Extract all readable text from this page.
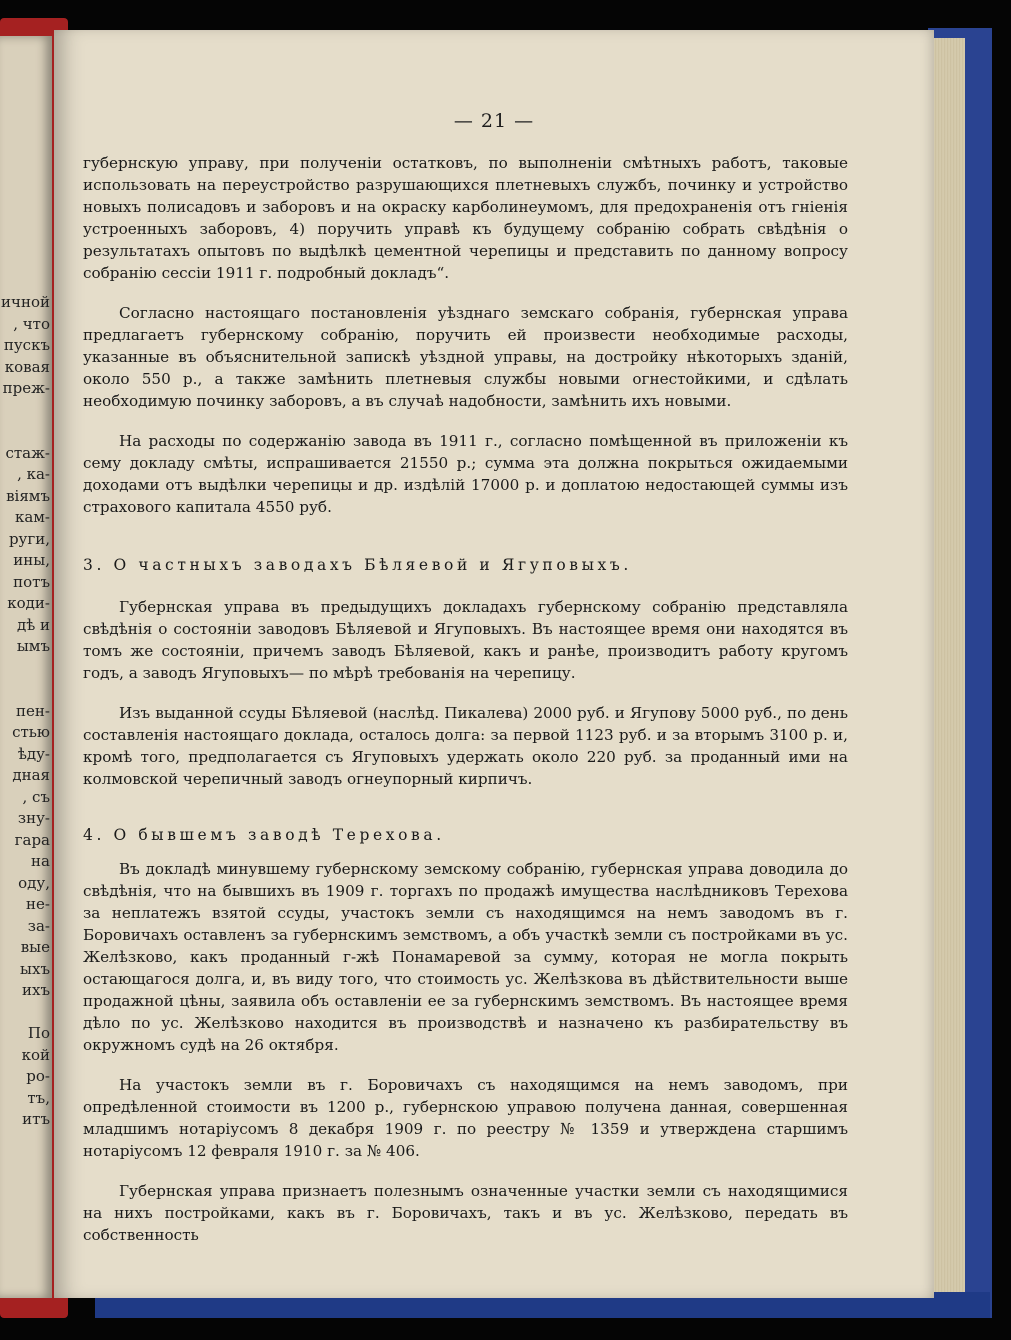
ичной
, что
пускъ
ковая
преж-
стаж-
, ка-
віямъ
кам-
руги,
ины,
потъ
коди-
дѣ и
ымъ
пен-
стью
ѣду-
дная
, съ
зну-
гара
на
оду,
не-
за-
вые
ыхъ
ихъ
По
кой
ро-
тъ,
итъ
— 21 —

губернскую управу, при полученіи остатковъ, по выполненіи смѣтныхъ работъ, таковые использовать на переустройство разрушающихся плетневыхъ службъ, починку и устройство новыхъ полисадовъ и заборовъ и на окраску карболинеумомъ, для предохраненія отъ гніенія устроенныхъ заборовъ, 4) поручить управѣ къ будущему собранію собрать свѣдѣнія о результатахъ опытовъ по выдѣлкѣ цементной черепицы и представить по данному вопросу собранію сессіи 1911 г. подробный докладъ“.

Согласно настоящаго постановленія уѣзднаго земскаго собранія, губернская управа предлагаетъ губернскому собранію, поручить ей произвести необходимые расходы, указанные въ объяснительной запискѣ уѣздной управы, на достройку нѣкоторыхъ зданій, около 550 р., а также замѣнить плетневыя службы новыми огнестойкими, и сдѣлать необходимую починку заборовъ, а въ случаѣ надобности, замѣнить ихъ новыми.

На расходы по содержанію завода въ 1911 г., согласно помѣщенной въ приложеніи къ сему докладу смѣты, испрашивается 21550 р.; сумма эта должна покрыться ожидаемыми доходами отъ выдѣлки черепицы и др. издѣлій 17000 р. и доплатою недостающей суммы изъ страхового капитала 4550 руб.

3. О частныхъ заводахъ Бѣляевой и Ягуповыхъ.

Губернская управа въ предыдущихъ докладахъ губернскому собранію представляла свѣдѣнія о состояніи заводовъ Бѣляевой и Ягуповыхъ. Въ настоящее время они находятся въ томъ же состояніи, причемъ заводъ Бѣляевой, какъ и ранѣе, производитъ работу кругомъ годъ, а заводъ Ягуповыхъ— по мѣрѣ требованія на черепицу.

Изъ выданной ссуды Бѣляевой (наслѣд. Пикалева) 2000 руб. и Ягупову 5000 руб., по день составленія настоящаго доклада, осталось долга: за первой 1123 руб. и за вторымъ 3100 р. и, кромѣ того, предполагается съ Ягуповыхъ удержать около 220 руб. за проданный ими на колмовской черепичный заводъ огнеупорный кирпичъ.

4. О бывшемъ заводѣ Терехова.

Въ докладѣ минувшему губернскому земскому собранію, губернская управа доводила до свѣдѣнія, что на бывшихъ въ 1909 г. торгахъ по продажѣ имущества наслѣдниковъ Терехова за неплатежъ взятой ссуды, участокъ земли съ находящимся на немъ заводомъ въ г. Боровичахъ оставленъ за губернскимъ земствомъ, а объ участкѣ земли съ постройками въ ус. Желѣзково, какъ проданный г-жѣ Понамаревой за сумму, которая не могла покрыть остающагося долга, и, въ виду того, что стоимость ус. Желѣзкова въ дѣйствительности выше продажной цѣны, заявила объ оставленіи ее за губернскимъ земствомъ. Въ настоящее время дѣло по ус. Желѣзково находится въ производствѣ и назначено къ разбирательству въ окружномъ судѣ на 26 октября.

На участокъ земли въ г. Боровичахъ съ находящимся на немъ заводомъ, при опредѣленной стоимости въ 1200 р., губернскою управою получена данная, совершенная младшимъ нотаріусомъ 8 декабря 1909 г. по реестру № 1359 и утверждена старшимъ нотаріусомъ 12 февраля 1910 г. за № 406.

Губернская управа признаетъ полезнымъ означенные участки земли съ находящимися на нихъ постройками, какъ въ г. Боровичахъ, такъ и въ ус. Желѣзково, передать въ собственность
